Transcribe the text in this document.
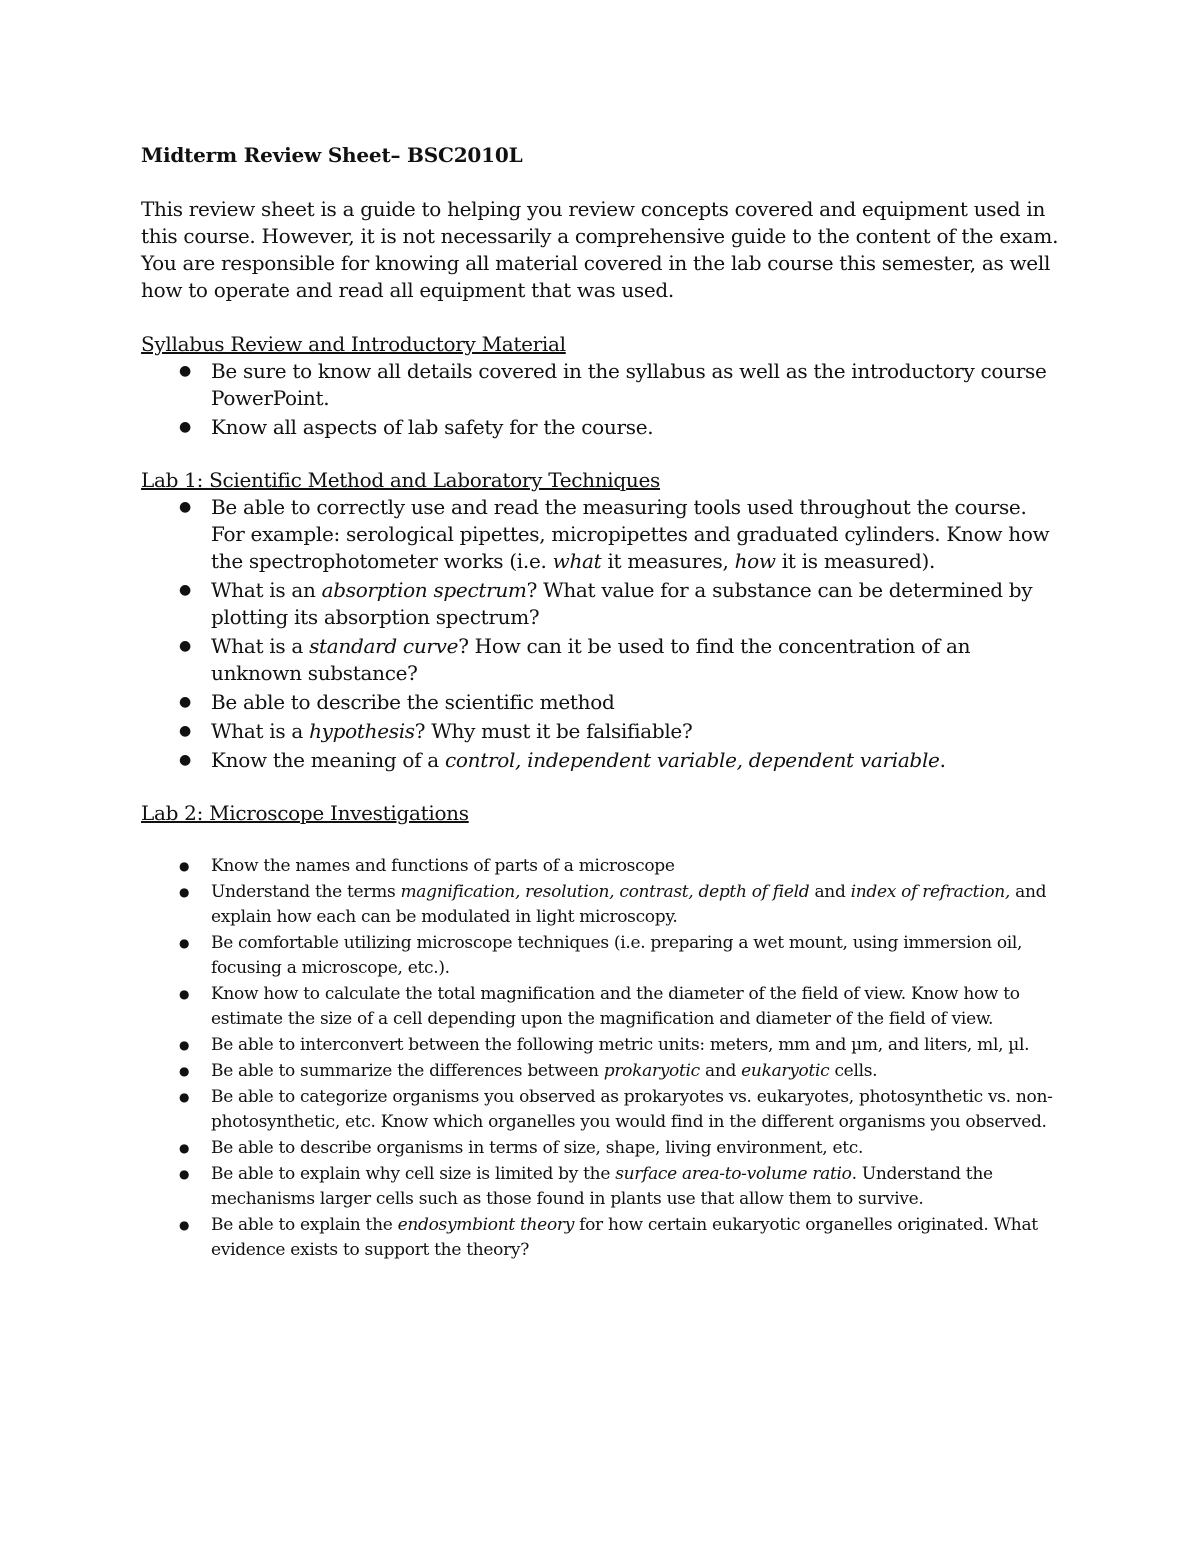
Midterm Review Sheet– BSC2010L
This review sheet is a guide to helping you review concepts covered and equipment used in this course. However, it is not necessarily a comprehensive guide to the content of the exam. You are responsible for knowing all material covered in the lab course this semester, as well how to operate and read all equipment that was used.
Syllabus Review and Introductory Material
● Be sure to know all details covered in the syllabus as well as the introductory course PowerPoint.
● Know all aspects of lab safety for the course.
Lab 1: Scientific Method and Laboratory Techniques
● Be able to correctly use and read the measuring tools used throughout the course. For example: serological pipettes, micropipettes and graduated cylinders. Know how the spectrophotometer works (i.e. what it measures, how it is measured).
● What is an absorption spectrum? What value for a substance can be determined by plotting its absorption spectrum?
● What is a standard curve? How can it be used to find the concentration of an unknown substance?
● Be able to describe the scientific method
● What is a hypothesis? Why must it be falsifiable?
● Know the meaning of a control, independent variable, dependent variable.
Lab 2: Microscope Investigations
● Know the names and functions of parts of a microscope
● Understand the terms magnification, resolution, contrast, depth of field and index of refraction, and explain how each can be modulated in light microscopy.
● Be comfortable utilizing microscope techniques (i.e. preparing a wet mount, using immersion oil, focusing a microscope, etc.).
● Know how to calculate the total magnification and the diameter of the field of view. Know how to estimate the size of a cell depending upon the magnification and diameter of the field of view.
● Be able to interconvert between the following metric units: meters, mm and µm, and liters, ml, µl.
● Be able to summarize the differences between prokaryotic and eukaryotic cells.
● Be able to categorize organisms you observed as prokaryotes vs. eukaryotes, photosynthetic vs. non-photosynthetic, etc. Know which organelles you would find in the different organisms you observed.
● Be able to describe organisms in terms of size, shape, living environment, etc.
● Be able to explain why cell size is limited by the surface area-to-volume ratio. Understand the mechanisms larger cells such as those found in plants use that allow them to survive.
● Be able to explain the endosymbiont theory for how certain eukaryotic organelles originated. What evidence exists to support the theory?
